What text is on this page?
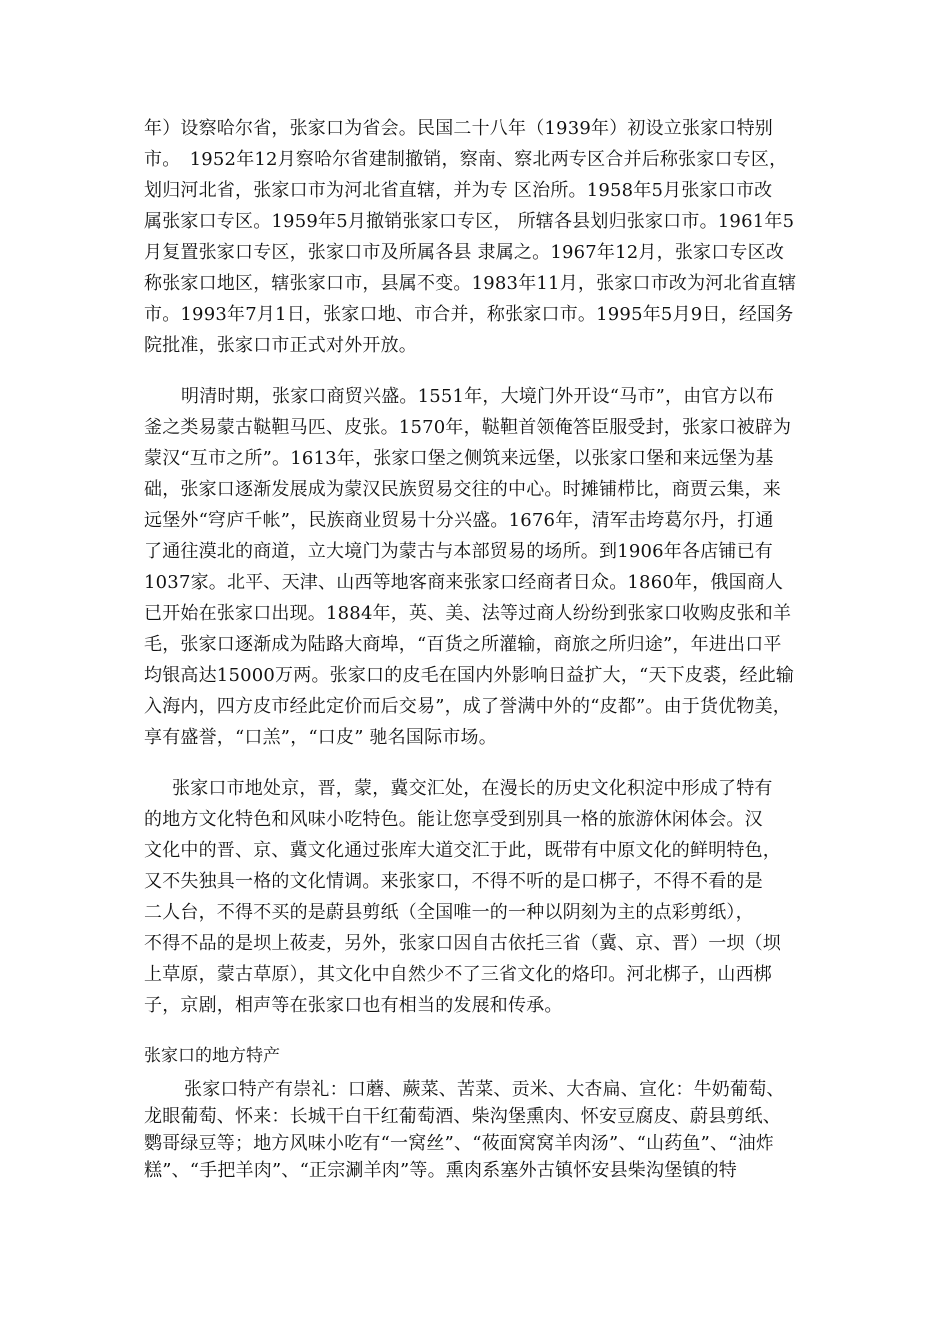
年）设察哈尔省，张家口为省会。民国二十八年（1939年）初设立张家口特别
市。　1952年12月察哈尔省建制撤销，察南、察北两专区合并后称张家口专区，
划归河北省，张家口市为河北省直辖，并为专 区治所。1958年5月张家口市改
属张家口专区。1959年5月撤销张家口专区， 所辖各县划归张家口市。1961年5
月复置张家口专区，张家口市及所属各县 隶属之。1967年12月，张家口专区改
称张家口地区，辖张家口市，县属不变。1983年11月，张家口市改为河北省直辖
市。1993年7月1日，张家口地、市合并，称张家口市。1995年5月9日，经国务
院批准，张家口市正式对外开放。
明清时期，张家口商贸兴盛。1551年，大境门外开设“马市”，由官方以布
釜之类易蒙古鞑靼马匹、皮张。1570年，鞑靼首领俺答臣服受封，张家口被辟为
蒙汉“互市之所”。1613年，张家口堡之侧筑来远堡，以张家口堡和来远堡为基
础，张家口逐渐发展成为蒙汉民族贸易交往的中心。时摊铺栉比，商贾云集，来
远堡外“穹庐千帐”，民族商业贸易十分兴盛。1676年，清军击垮葛尔丹，打通
了通往漠北的商道，立大境门为蒙古与本部贸易的场所。到1906年各店铺已有
1037家。北平、天津、山西等地客商来张家口经商者日众。1860年，俄国商人
已开始在张家口出现。1884年，英、美、法等过商人纷纷到张家口收购皮张和羊
毛，张家口逐渐成为陆路大商埠，“百货之所灌输，商旅之所归途”，年进出口平
均银高达15000万两。张家口的皮毛在国内外影响日益扩大，“天下皮裘，经此输
入海内，四方皮市经此定价而后交易”，成了誉满中外的“皮都”。由于货优物美，
享有盛誉，“口羔”，“口皮” 驰名国际市场。
张家口市地处京，晋，蒙，冀交汇处，在漫长的历史文化积淀中形成了特有
的地方文化特色和风味小吃特色。能让您享受到别具一格的旅游休闲体会。汉
文化中的晋、京、冀文化通过张库大道交汇于此，既带有中原文化的鲜明特色，
又不失独具一格的文化情调。来张家口，不得不听的是口梆子，不得不看的是
二人台，不得不买的是蔚县剪纸（全国唯一的一种以阴刻为主的点彩剪纸），
不得不品的是坝上莜麦，另外，张家口因自古依托三省（冀、京、晋）一坝（坝
上草原，蒙古草原），其文化中自然少不了三省文化的烙印。河北梆子，山西梆
子，京剧，相声等在张家口也有相当的发展和传承。
张家口的地方特产
张家口特产有崇礼：口蘑、蕨菜、苦菜、贡米、大杏扁、宣化：牛奶葡萄、
龙眼葡萄、怀来：长城干白干红葡萄酒、柴沟堡熏肉、怀安豆腐皮、蔚县剪纸、
鹦哥绿豆等；地方风味小吃有“一窝丝”、“莜面窝窝羊肉汤”、“山药鱼”、“油炸
糕”、“手把羊肉”、“正宗涮羊肉”等。熏肉系塞外古镇怀安县柴沟堡镇的特
